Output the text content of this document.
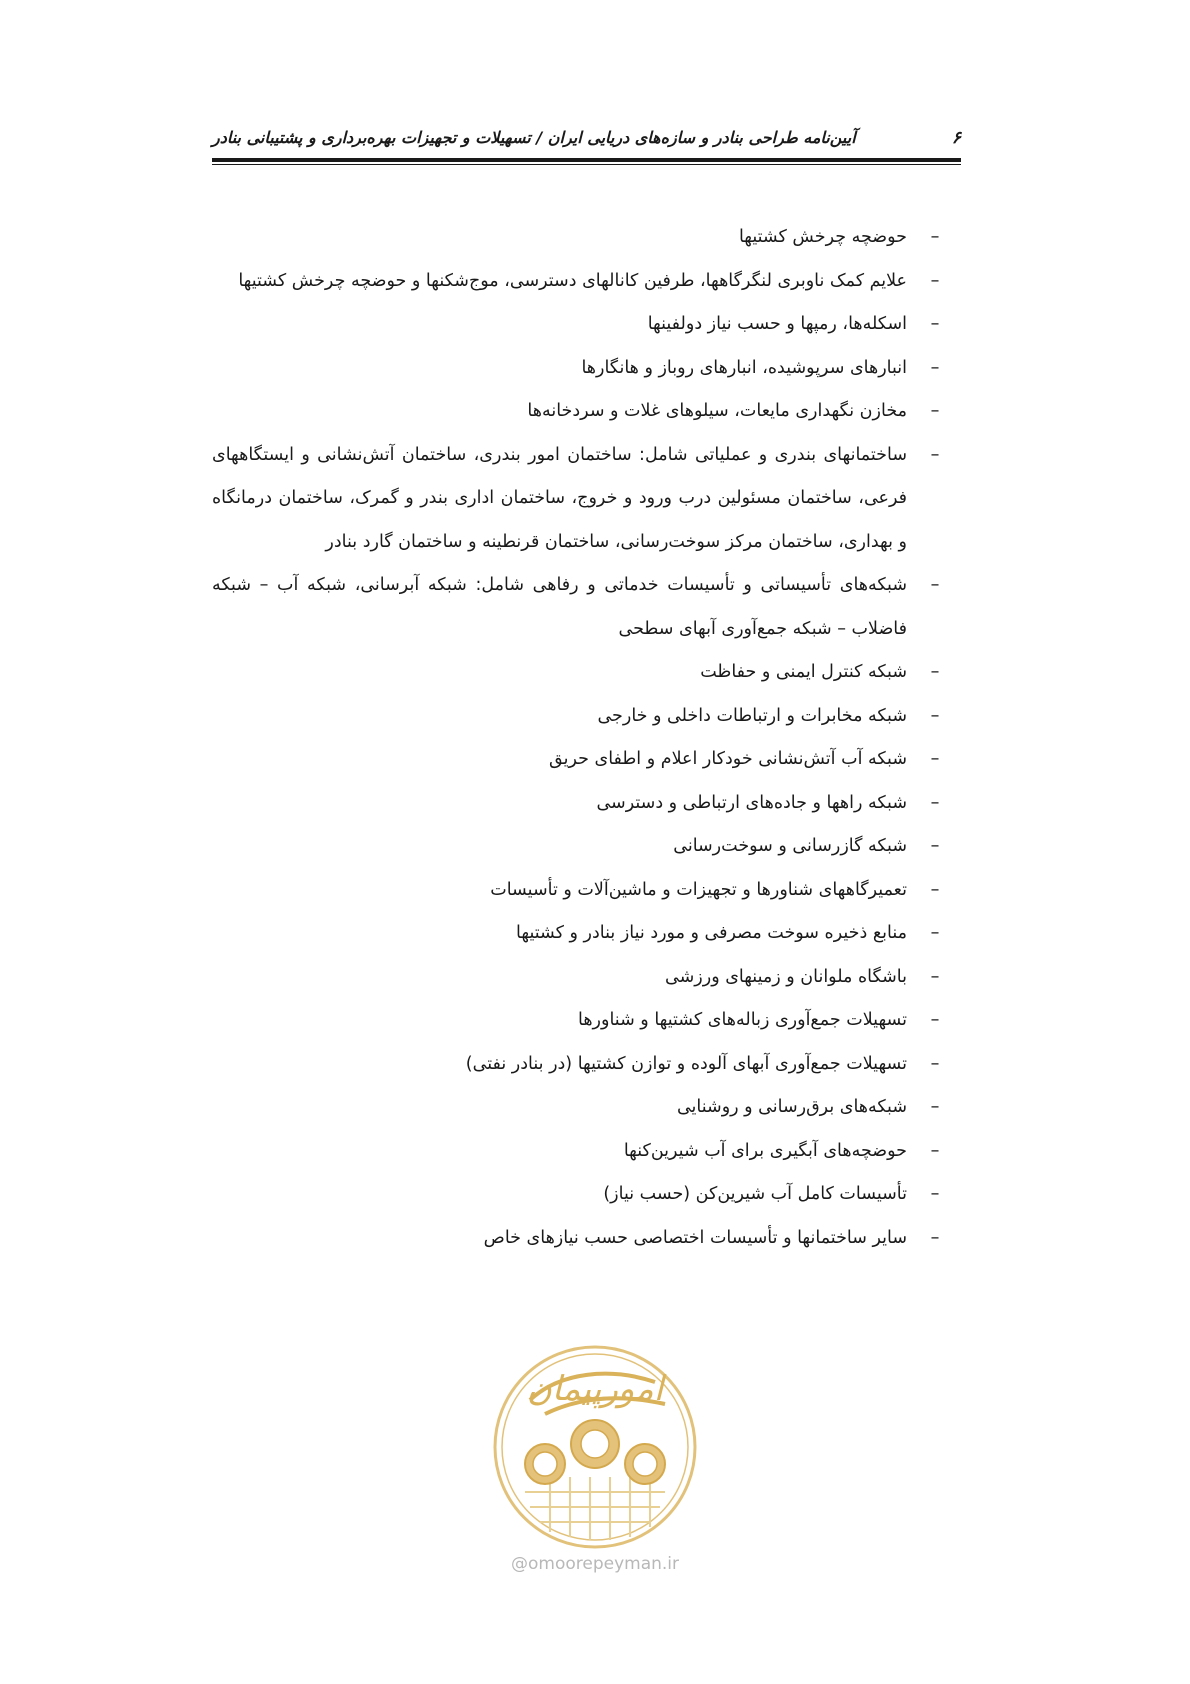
۶
آیین‌نامه طراحی بنادر و سازه‌های دریایی ایران / تسهیلات و تجهیزات بهره‌برداری و پشتیبانی بنادر
–
حوضچه چرخش کشتیها
–
علایم کمک ناوبری لنگرگاهها، طرفین کانالهای دسترسی، موج‌شکنها و حوضچه چرخش کشتیها
–
اسکله‌ها، رمپها و حسب نیاز دولفینها
–
انبارهای سرپوشیده، انبارهای روباز و هانگارها
–
مخازن نگهداری مایعات، سیلوهای غلات و سردخانه‌ها
–
ساختمانهای بندری و عملیاتی شامل: ساختمان امور بندری، ساختمان آتش‌نشانی و ایستگاههای فرعی، ساختمان مسئولین درب ورود و خروج، ساختمان اداری بندر و گمرک، ساختمان درمانگاه و بهداری، ساختمان مرکز سوخت‌رسانی، ساختمان قرنطینه و ساختمان گارد بنادر
–
شبکه‌های تأسیساتی و تأسیسات خدماتی و رفاهی شامل: شبکه آبرسانی، شبکه آب – شبکه فاضلاب – شبکه جمع‌آوری آبهای سطحی
–
شبکه کنترل ایمنی و حفاظت
–
شبکه مخابرات و ارتباطات داخلی و خارجی
–
شبکه آب آتش‌نشانی خودکار اعلام و اطفای حریق
–
شبکه راهها و جاده‌های ارتباطی و دسترسی
–
شبکه گازرسانی و سوخت‌رسانی
–
تعمیرگاههای شناورها و تجهیزات و ماشین‌آلات و تأسیسات
–
منابع ذخیره سوخت مصرفی و مورد نیاز بنادر و کشتیها
–
باشگاه ملوانان و زمینهای ورزشی
–
تسهیلات جمع‌آوری زباله‌های کشتیها و شناورها
–
تسهیلات جمع‌آوری آبهای آلوده و توازن کشتیها (در بنادر نفتی)
–
شبکه‌های برق‌رسانی و روشنایی
–
حوضچه‌های آبگیری برای آب شیرین‌کنها
–
تأسیسات کامل آب شیرین‌کن (حسب نیاز)
–
سایر ساختمانها و تأسیسات اختصاصی حسب نیازهای خاص
امورپیمان
@omoorepeyman.ir
